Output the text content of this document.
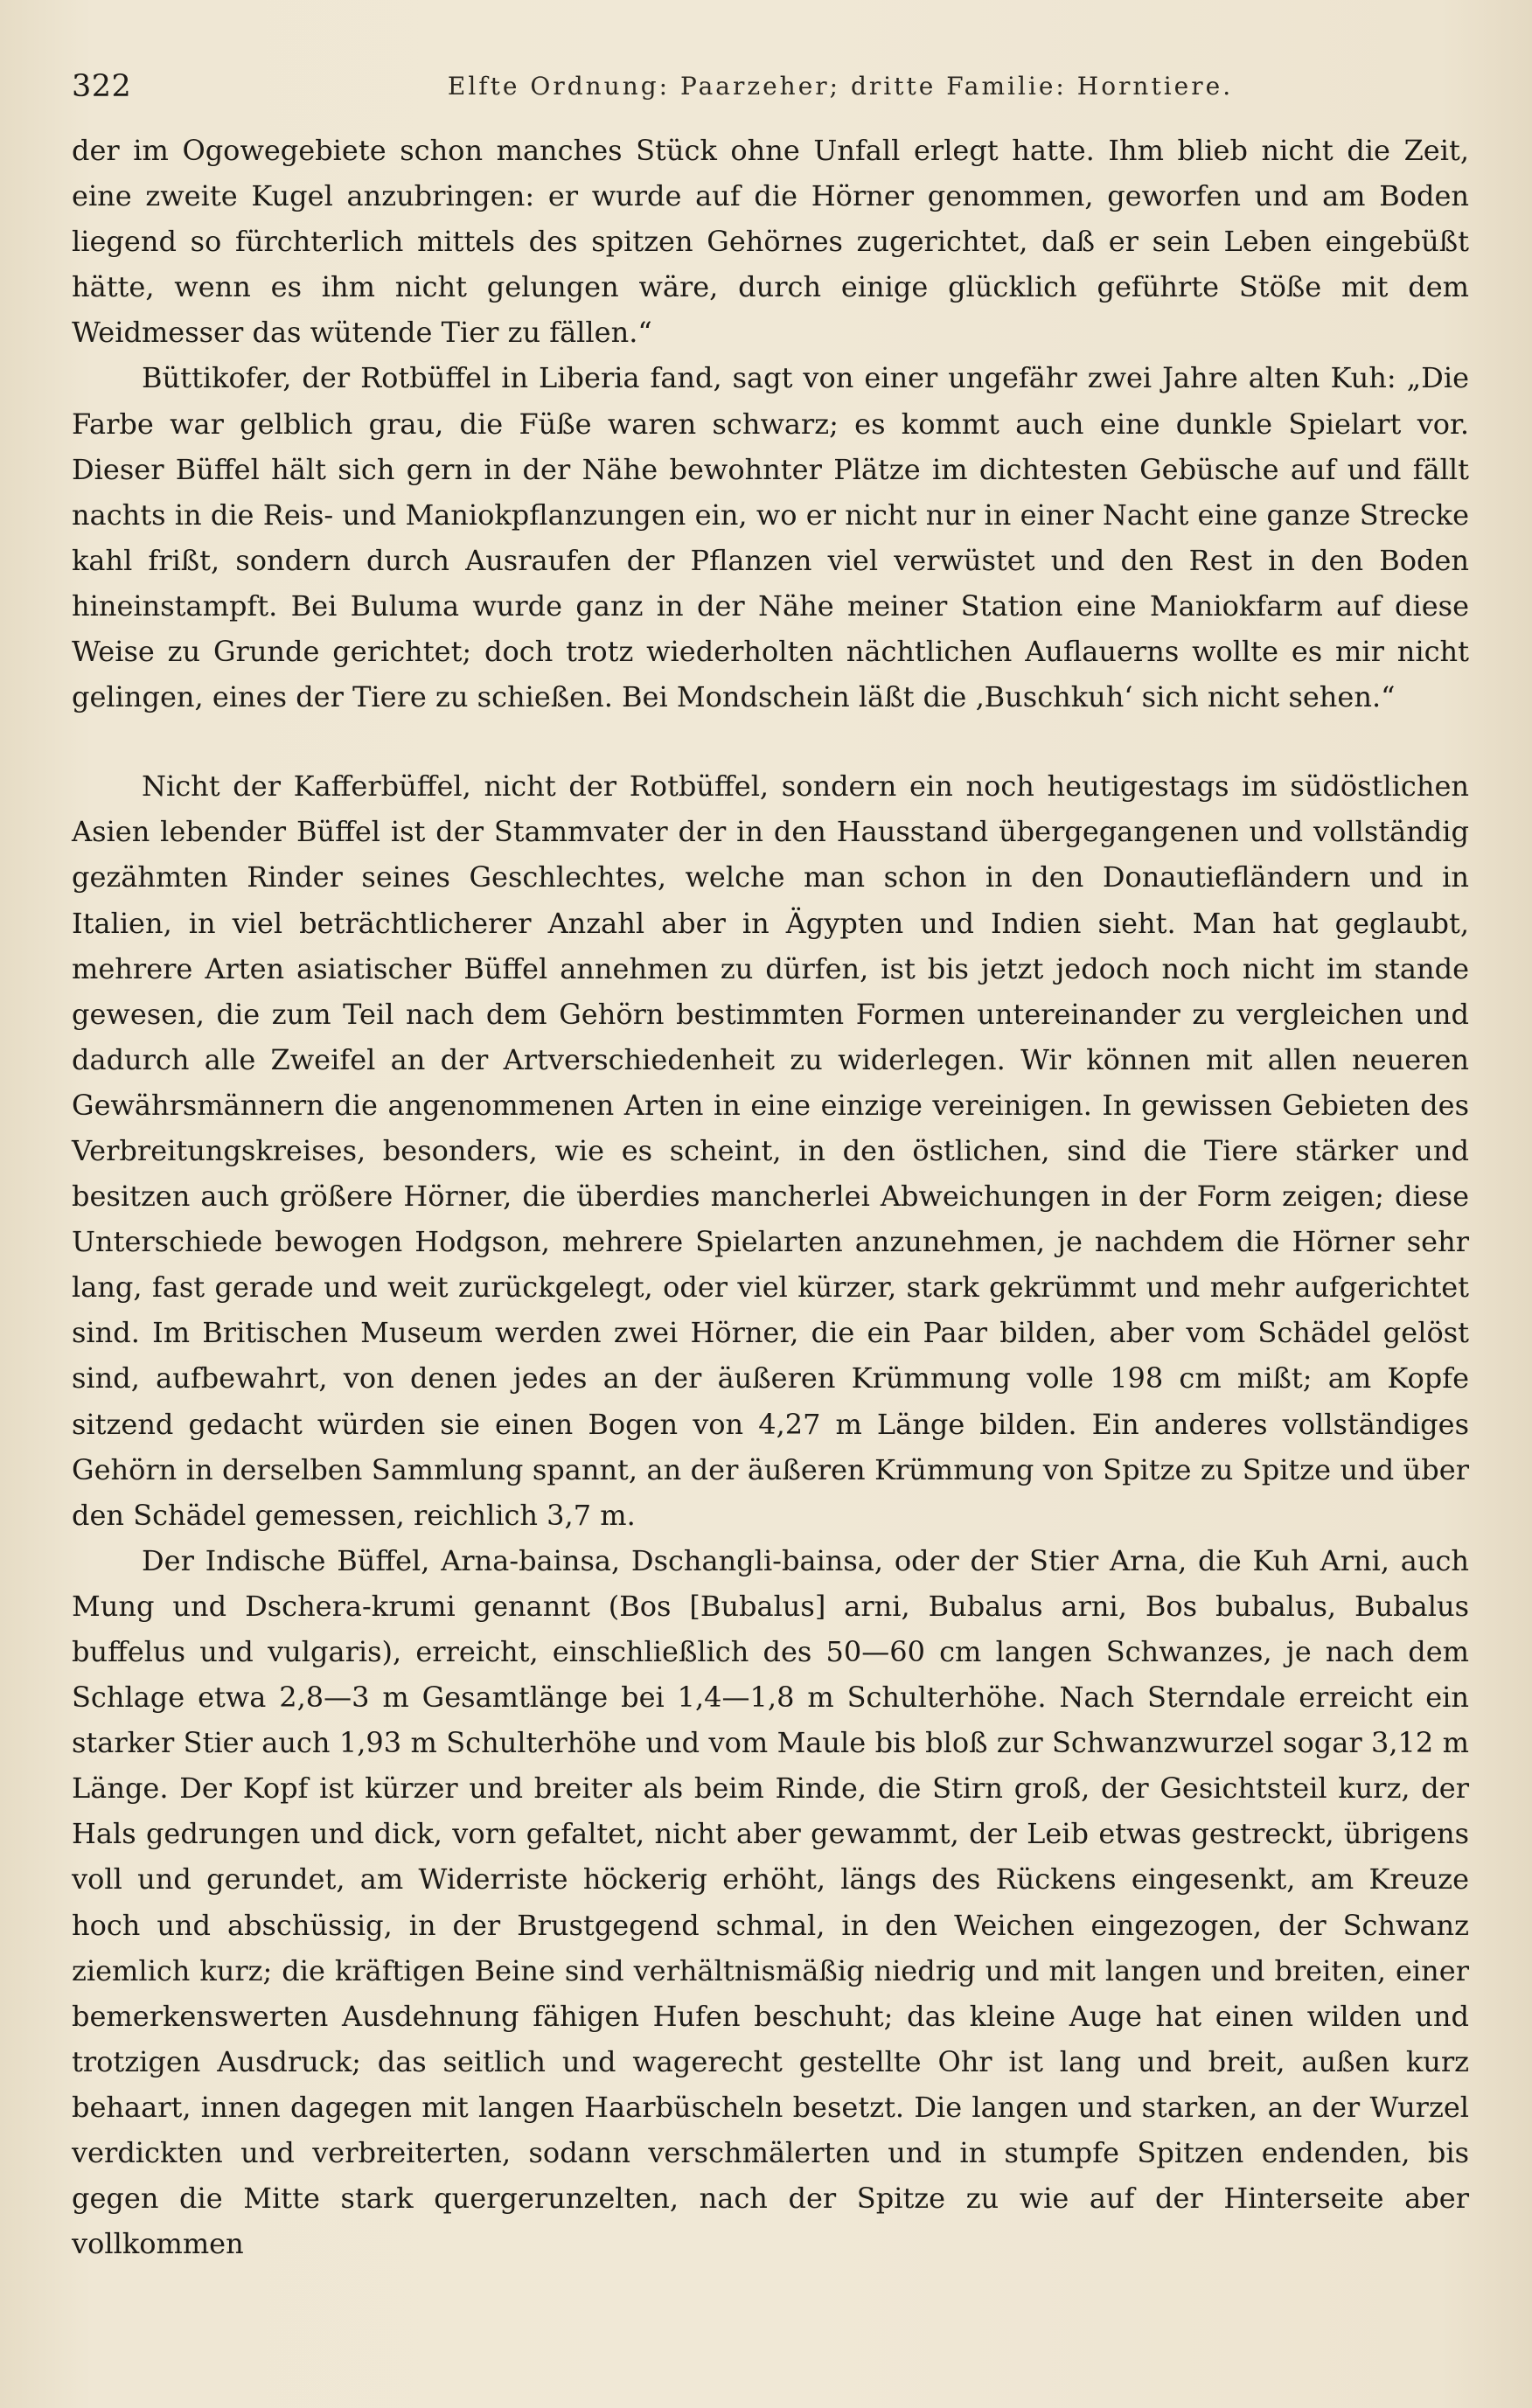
322	Elfte Ordnung: Paarzeher; dritte Familie: Horntiere.

der im Ogowegebiete schon manches Stück ohne Unfall erlegt hatte. Ihm blieb nicht die Zeit, eine zweite Kugel anzubringen: er wurde auf die Hörner genommen, geworfen und am Boden liegend so fürchterlich mittels des spitzen Gehörnes zugerichtet, daß er sein Leben eingebüßt hätte, wenn es ihm nicht gelungen wäre, durch einige glücklich geführte Stöße mit dem Weidmesser das wütende Tier zu fällen.“

Büttikofer, der Rotbüffel in Liberia fand, sagt von einer ungefähr zwei Jahre alten Kuh: „Die Farbe war gelblich grau, die Füße waren schwarz; es kommt auch eine dunkle Spielart vor. Dieser Büffel hält sich gern in der Nähe bewohnter Plätze im dichtesten Gebüsche auf und fällt nachts in die Reis- und Maniokpflanzungen ein, wo er nicht nur in einer Nacht eine ganze Strecke kahl frißt, sondern durch Ausraufen der Pflanzen viel verwüstet und den Rest in den Boden hineinstampft. Bei Buluma wurde ganz in der Nähe meiner Station eine Maniokfarm auf diese Weise zu Grunde gerichtet; doch trotz wiederholten nächtlichen Auflauerns wollte es mir nicht gelingen, eines der Tiere zu schießen. Bei Mondschein läßt die ‚Buschkuh‘ sich nicht sehen.“

Nicht der Kafferbüffel, nicht der Rotbüffel, sondern ein noch heutigestags im südöstlichen Asien lebender Büffel ist der Stammvater der in den Hausstand übergegangenen und vollständig gezähmten Rinder seines Geschlechtes, welche man schon in den Donautiefländern und in Italien, in viel beträchtlicherer Anzahl aber in Ägypten und Indien sieht. Man hat geglaubt, mehrere Arten asiatischer Büffel annehmen zu dürfen, ist bis jetzt jedoch noch nicht im stande gewesen, die zum Teil nach dem Gehörn bestimmten Formen untereinander zu vergleichen und dadurch alle Zweifel an der Artverschiedenheit zu widerlegen. Wir können mit allen neueren Gewährsmännern die angenommenen Arten in eine einzige vereinigen. In gewissen Gebieten des Verbreitungskreises, besonders, wie es scheint, in den östlichen, sind die Tiere stärker und besitzen auch größere Hörner, die überdies mancherlei Abweichungen in der Form zeigen; diese Unterschiede bewogen Hodgson, mehrere Spielarten anzunehmen, je nachdem die Hörner sehr lang, fast gerade und weit zurückgelegt, oder viel kürzer, stark gekrümmt und mehr aufgerichtet sind. Im Britischen Museum werden zwei Hörner, die ein Paar bilden, aber vom Schädel gelöst sind, aufbewahrt, von denen jedes an der äußeren Krümmung volle 198 cm mißt; am Kopfe sitzend gedacht würden sie einen Bogen von 4,27 m Länge bilden. Ein anderes vollständiges Gehörn in derselben Sammlung spannt, an der äußeren Krümmung von Spitze zu Spitze und über den Schädel gemessen, reichlich 3,7 m.

Der Indische Büffel, Arna-bainsa, Dschangli-bainsa, oder der Stier Arna, die Kuh Arni, auch Mung und Dschera-krumi genannt (Bos [Bubalus] arni, Bubalus arni, Bos bubalus, Bubalus buffelus und vulgaris), erreicht, einschließlich des 50—60 cm langen Schwanzes, je nach dem Schlage etwa 2,8—3 m Gesamtlänge bei 1,4—1,8 m Schulterhöhe. Nach Sterndale erreicht ein starker Stier auch 1,93 m Schulterhöhe und vom Maule bis bloß zur Schwanzwurzel sogar 3,12 m Länge. Der Kopf ist kürzer und breiter als beim Rinde, die Stirn groß, der Gesichtsteil kurz, der Hals gedrungen und dick, vorn gefaltet, nicht aber gewammt, der Leib etwas gestreckt, übrigens voll und gerundet, am Widerriste höckerig erhöht, längs des Rückens eingesenkt, am Kreuze hoch und abschüssig, in der Brustgegend schmal, in den Weichen eingezogen, der Schwanz ziemlich kurz; die kräftigen Beine sind verhältnismäßig niedrig und mit langen und breiten, einer bemerkenswerten Ausdehnung fähigen Hufen beschuht; das kleine Auge hat einen wilden und trotzigen Ausdruck; das seitlich und wagerecht gestellte Ohr ist lang und breit, außen kurz behaart, innen dagegen mit langen Haarbüscheln besetzt. Die langen und starken, an der Wurzel verdickten und verbreiterten, sodann verschmälerten und in stumpfe Spitzen endenden, bis gegen die Mitte stark quergerunzelten, nach der Spitze zu wie auf der Hinterseite aber vollkommen
